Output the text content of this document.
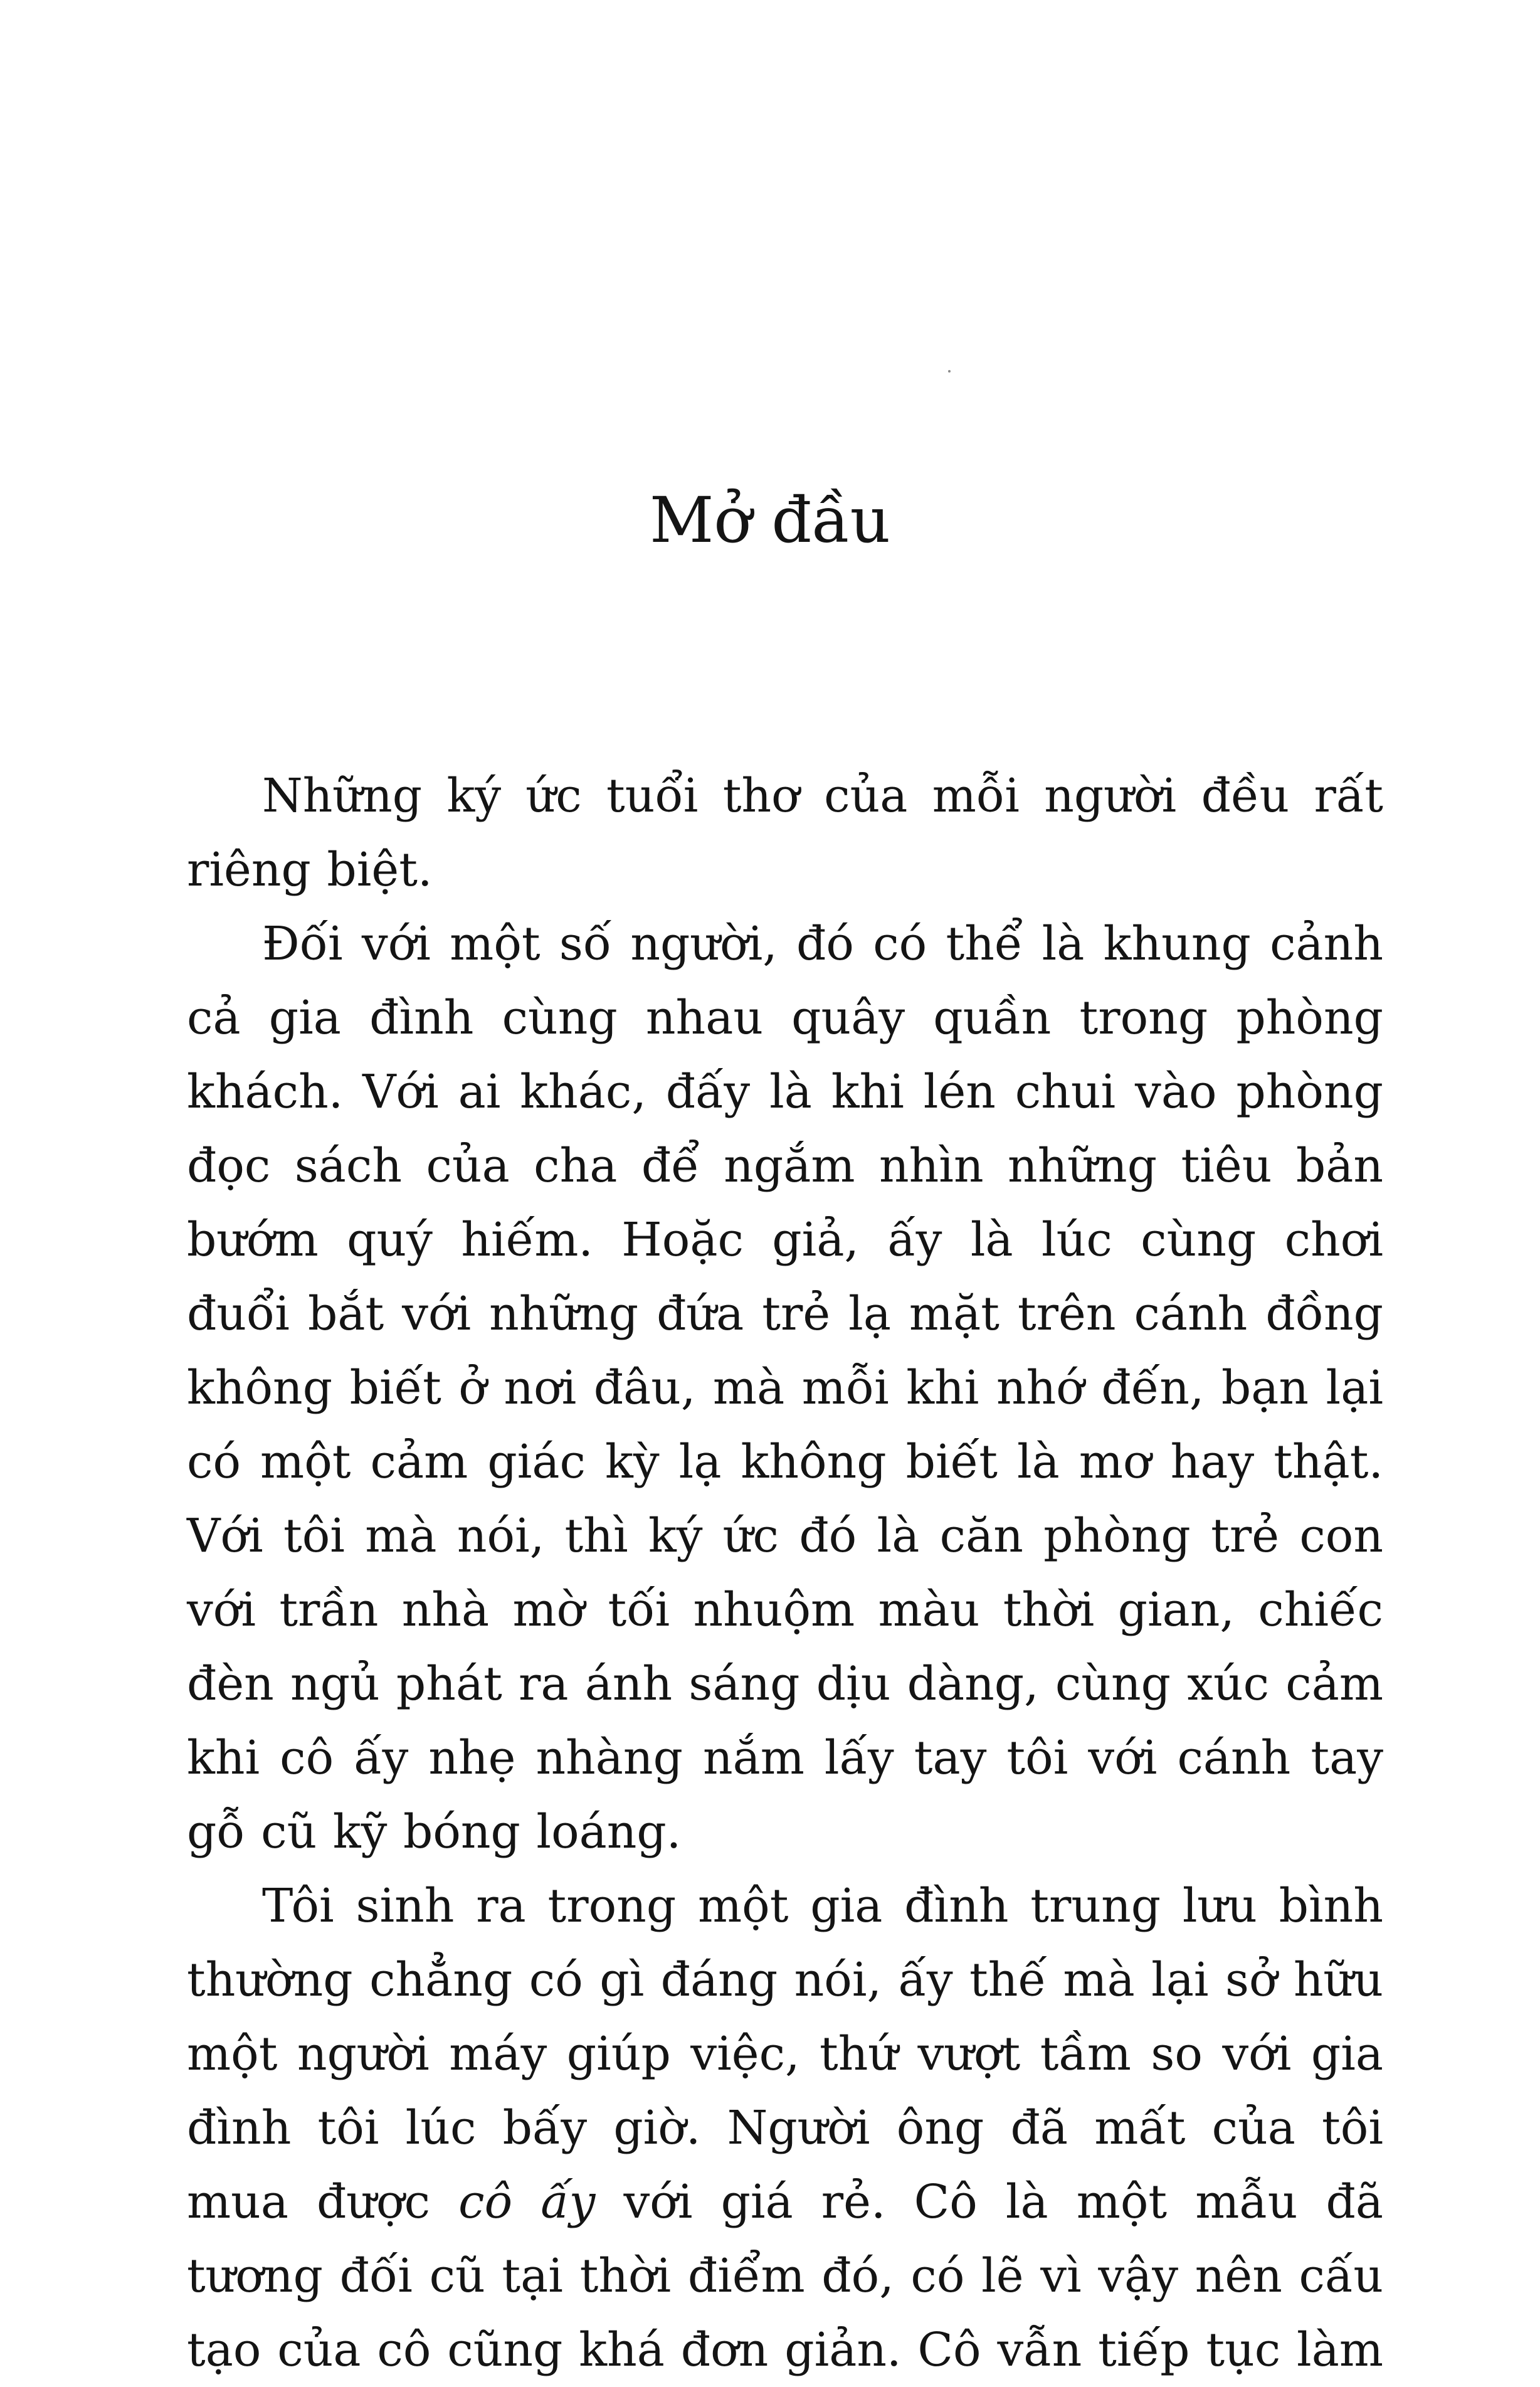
Mở đầu

Những ký ức tuổi thơ của mỗi người đều rất riêng biệt.

Đối với một số người, đó có thể là khung cảnh cả gia đình cùng nhau quây quần trong phòng khách. Với ai khác, đấy là khi lén chui vào phòng đọc sách của cha để ngắm nhìn những tiêu bản bướm quý hiếm. Hoặc giả, ấy là lúc cùng chơi đuổi bắt với những đứa trẻ lạ mặt trên cánh đồng không biết ở nơi đâu, mà mỗi khi nhớ đến, bạn lại có một cảm giác kỳ lạ không biết là mơ hay thật. Với tôi mà nói, thì ký ức đó là căn phòng trẻ con với trần nhà mờ tối nhuộm màu thời gian, chiếc đèn ngủ phát ra ánh sáng dịu dàng, cùng xúc cảm khi cô ấy nhẹ nhàng nắm lấy tay tôi với cánh tay gỗ cũ kỹ bóng loáng.

Tôi sinh ra trong một gia đình trung lưu bình thường chẳng có gì đáng nói, ấy thế mà lại sở hữu một người máy giúp việc, thứ vượt tầm so với gia đình tôi lúc bấy giờ. Người ông đã mất của tôi mua được cô ấy với giá rẻ. Cô là một mẫu đã tương đối cũ tại thời điểm đó, có lẽ vì vậy nên cấu tạo của cô cũng khá đơn giản. Cô vẫn tiếp tục làm
